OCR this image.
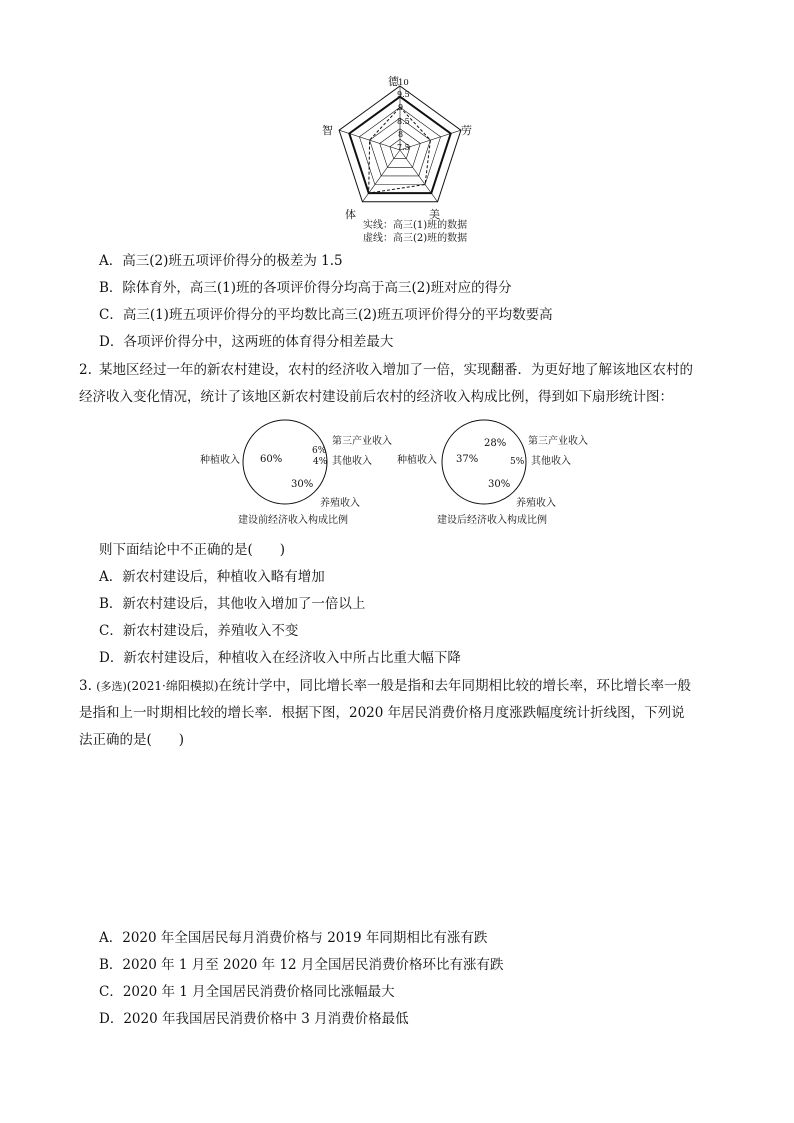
德
劳
美
体
智
10
9.5
9
8.5
8
7.5
实线：高三(1)班的数据
虚线：高三(2)班的数据
A．高三(2)班五项评价得分的极差为 1.5
B．除体育外，高三(1)班的各项评价得分均高于高三(2)班对应的得分
C．高三(1)班五项评价得分的平均数比高三(2)班五项评价得分的平均数要高
D．各项评价得分中，这两班的体育得分相差最大
2. 某地区经过一年的新农村建设，农村的经济收入增加了一倍，实现翻番．为更好地了解该地区农村的
经济收入变化情况，统计了该地区新农村建设前后农村的经济收入构成比例，得到如下扇形统计图：
种植收入 60%
6%
4%
30%
第三产业收入
其他收入
养殖收入
建设前经济收入构成比例
种植收入 37%
28%
5%
30%
第三产业收入
其他收入
养殖收入
建设后经济收入构成比例
则下面结论中不正确的是(　　)
A．新农村建设后，种植收入略有增加
B．新农村建设后，其他收入增加了一倍以上
C．新农村建设后，养殖收入不变
D．新农村建设后，种植收入在经济收入中所占比重大幅下降
3. (多选)(2021·绵阳模拟)在统计学中，同比增长率一般是指和去年同期相比较的增长率，环比增长率一般
是指和上一时期相比较的增长率．根据下图，2020 年居民消费价格月度涨跌幅度统计折线图，下列说
法正确的是(　　)
A．2020 年全国居民每月消费价格与 2019 年同期相比有涨有跌
B．2020 年 1 月至 2020 年 12 月全国居民消费价格环比有涨有跌
C．2020 年 1 月全国居民消费价格同比涨幅最大
D．2020 年我国居民消费价格中 3 月消费价格最低
